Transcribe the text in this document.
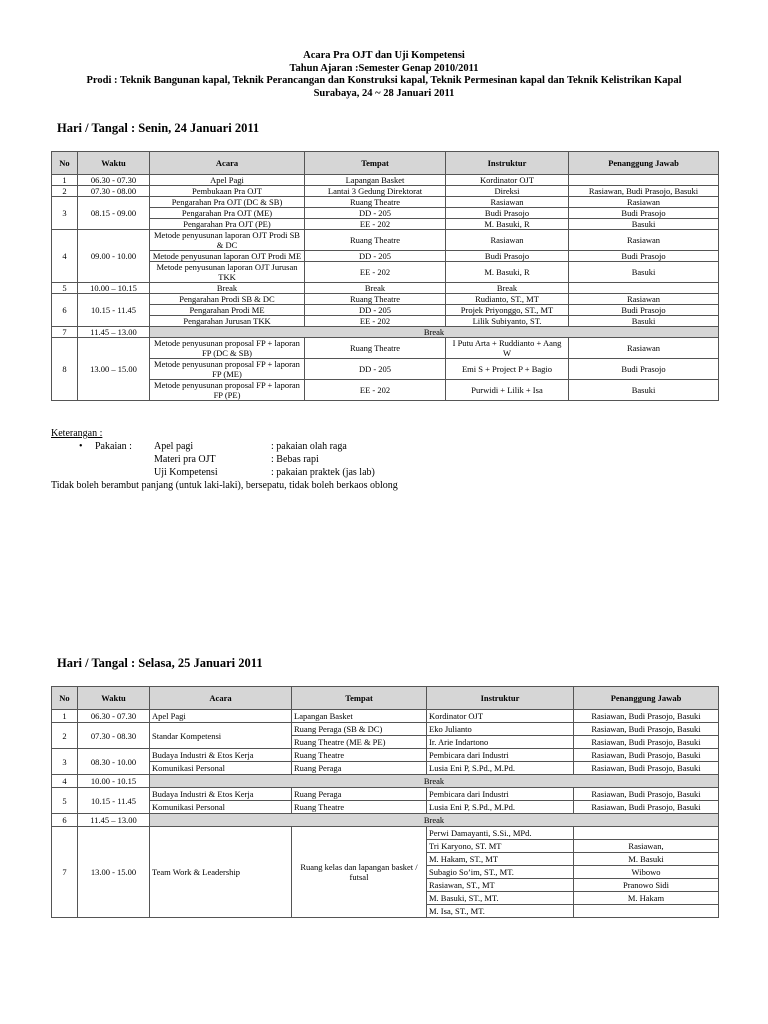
Acara Pra OJT dan Uji Kompetensi
Tahun Ajaran :Semester Genap 2010/2011
Prodi : Teknik Bangunan kapal, Teknik Perancangan dan Konstruksi kapal, Teknik Permesinan kapal dan Teknik Kelistrikan Kapal
Surabaya, 24 ~ 28 Januari 2011
Hari / Tangal : Senin, 24 Januari 2011
No	Waktu	Acara	Tempat	Instruktur	Penanggung Jawab
1	06.30 - 07.30	Apel Pagi	Lapangan Basket	Kordinator OJT	
2	07.30 - 08.00	Pembukaan Pra OJT	Lantai 3 Gedung Direktorat	Direksi	Rasiawan, Budi Prasojo, Basuki
3	08.15 - 09.00	Pengarahan Pra OJT (DC & SB)	Ruang Theatre	Rasiawan	Rasiawan
		Pengarahan Pra OJT (ME)	DD - 205	Budi Prasojo	Budi Prasojo
		Pengarahan Pra OJT (PE)	EE - 202	M. Basuki, R	Basuki
4	09.00 - 10.00	Metode penyusunan laporan OJT Prodi SB & DC	Ruang Theatre	Rasiawan	Rasiawan
		Metode penyusunan laporan OJT Prodi ME	DD - 205	Budi Prasojo	Budi Prasojo
		Metode penyusunan laporan OJT Jurusan TKK	EE - 202	M. Basuki, R	Basuki
5	10.00 – 10.15	Break	Break	Break	
6	10.15 - 11.45	Pengarahan Prodi SB & DC	Ruang Theatre	Rudianto, ST., MT	Rasiawan
		Pengarahan Prodi ME	DD - 205	Projek Priyonggo, ST., MT	Budi Prasojo
		Pengarahan Jurusan TKK	EE - 202	Lilik Subiyanto, ST.	Basuki
7	11.45 – 13.00	Break			
8	13.00 – 15.00	Metode penyusunan proposal FP + laporan FP (DC & SB)	Ruang Theatre	I Putu Arta + Ruddianto + Aang W	Rasiawan
		Metode penyusunan proposal FP + laporan FP (ME)	DD - 205	Emi S + Project P + Bagio	Budi Prasojo
		Metode penyusunan proposal FP + laporan FP (PE)	EE - 202	Purwidi + Lilik + Isa	Basuki
Keterangan :
• Pakaian : Apel pagi	: pakaian olah raga
Materi pra OJT	: Bebas rapi
Uji Kompetensi	: pakaian praktek (jas lab)
Tidak boleh berambut panjang (untuk laki-laki), bersepatu, tidak boleh berkaos oblong
Hari / Tangal : Selasa, 25 Januari 2011
No	Waktu	Acara	Tempat	Instruktur	Penanggung Jawab
1	06.30 - 07.30	Apel Pagi	Lapangan Basket	Kordinator OJT	Rasiawan, Budi Prasojo, Basuki
2	07.30 - 08.30	Standar Kompetensi	Ruang Peraga (SB & DC)	Eko Julianto	Rasiawan, Budi Prasojo, Basuki
			Ruang Theatre (ME & PE)	Ir. Arie Indartono	Rasiawan, Budi Prasojo, Basuki
3	08.30 - 10.00	Budaya Industri & Etos Kerja	Ruang Theatre	Pembicara dari Industri	Rasiawan, Budi Prasojo, Basuki
		Komunikasi Personal	Ruang Peraga	Lusia Eni P, S.Pd., M.Pd.	Rasiawan, Budi Prasojo, Basuki
4	10.00 - 10.15	Break			
5	10.15 - 11.45	Budaya Industri & Etos Kerja	Ruang Peraga	Pembicara dari Industri	Rasiawan, Budi Prasojo, Basuki
		Komunikasi Personal	Ruang Theatre	Lusia Eni P, S.Pd., M.Pd.	Rasiawan, Budi Prasojo, Basuki
6	11.45 – 13.00	Break			
7	13.00 - 15.00	Team Work & Leadership	Ruang kelas dan lapangan basket / futsal	Perwi Damayanti, S.Si., MPd.	
				Tri Karyono, ST. MT	Rasiawan,
				M. Hakam, ST., MT	M. Basuki
				Subagio So’im, ST., MT.	Wibowo
				Rasiawan, ST., MT	Pranowo Sidi
				M. Basuki, ST., MT.	M. Hakam
				M. Isa, ST., MT.	
